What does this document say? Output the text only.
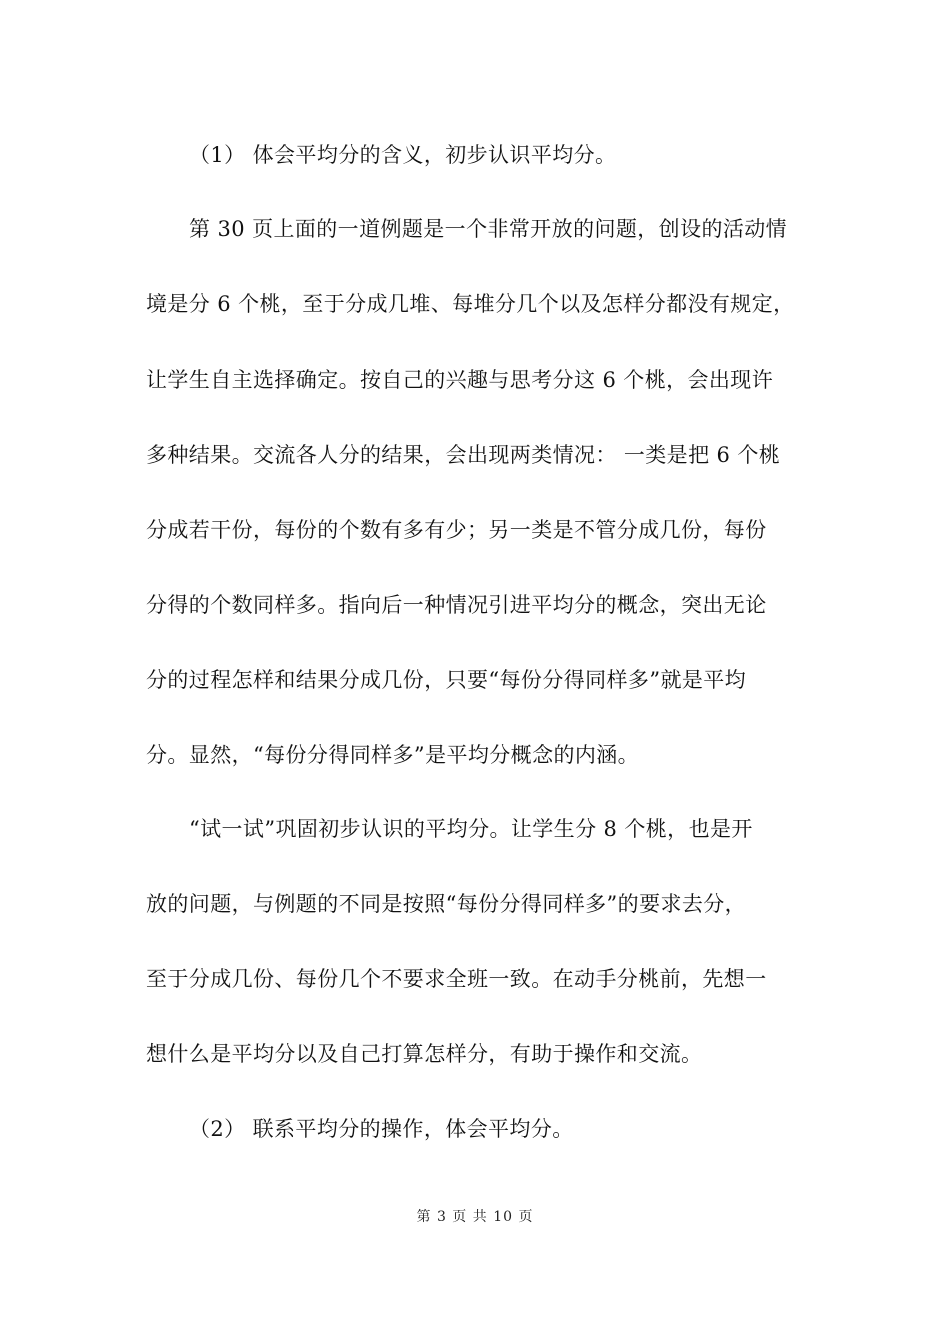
（1） 体会平均分的含义，初步认识平均分。
第 30 页上面的一道例题是一个非常开放的问题，创设的活动情
境是分 6 个桃，至于分成几堆、每堆分几个以及怎样分都没有规定，
让学生自主选择确定。按自己的兴趣与思考分这 6 个桃，会出现许
多种结果。交流各人分的结果，会出现两类情况： 一类是把 6 个桃
分成若干份，每份的个数有多有少；另一类是不管分成几份，每份
分得的个数同样多。指向后一种情况引进平均分的概念，突出无论
分的过程怎样和结果分成几份，只要“每份分得同样多”就是平均
分。显然，“每份分得同样多”是平均分概念的内涵。
“试一试”巩固初步认识的平均分。让学生分 8 个桃，也是开
放的问题，与例题的不同是按照“每份分得同样多”的要求去分，
至于分成几份、每份几个不要求全班一致。在动手分桃前，先想一
想什么是平均分以及自己打算怎样分，有助于操作和交流。
（2） 联系平均分的操作，体会平均分。
第 3 页 共 10 页
